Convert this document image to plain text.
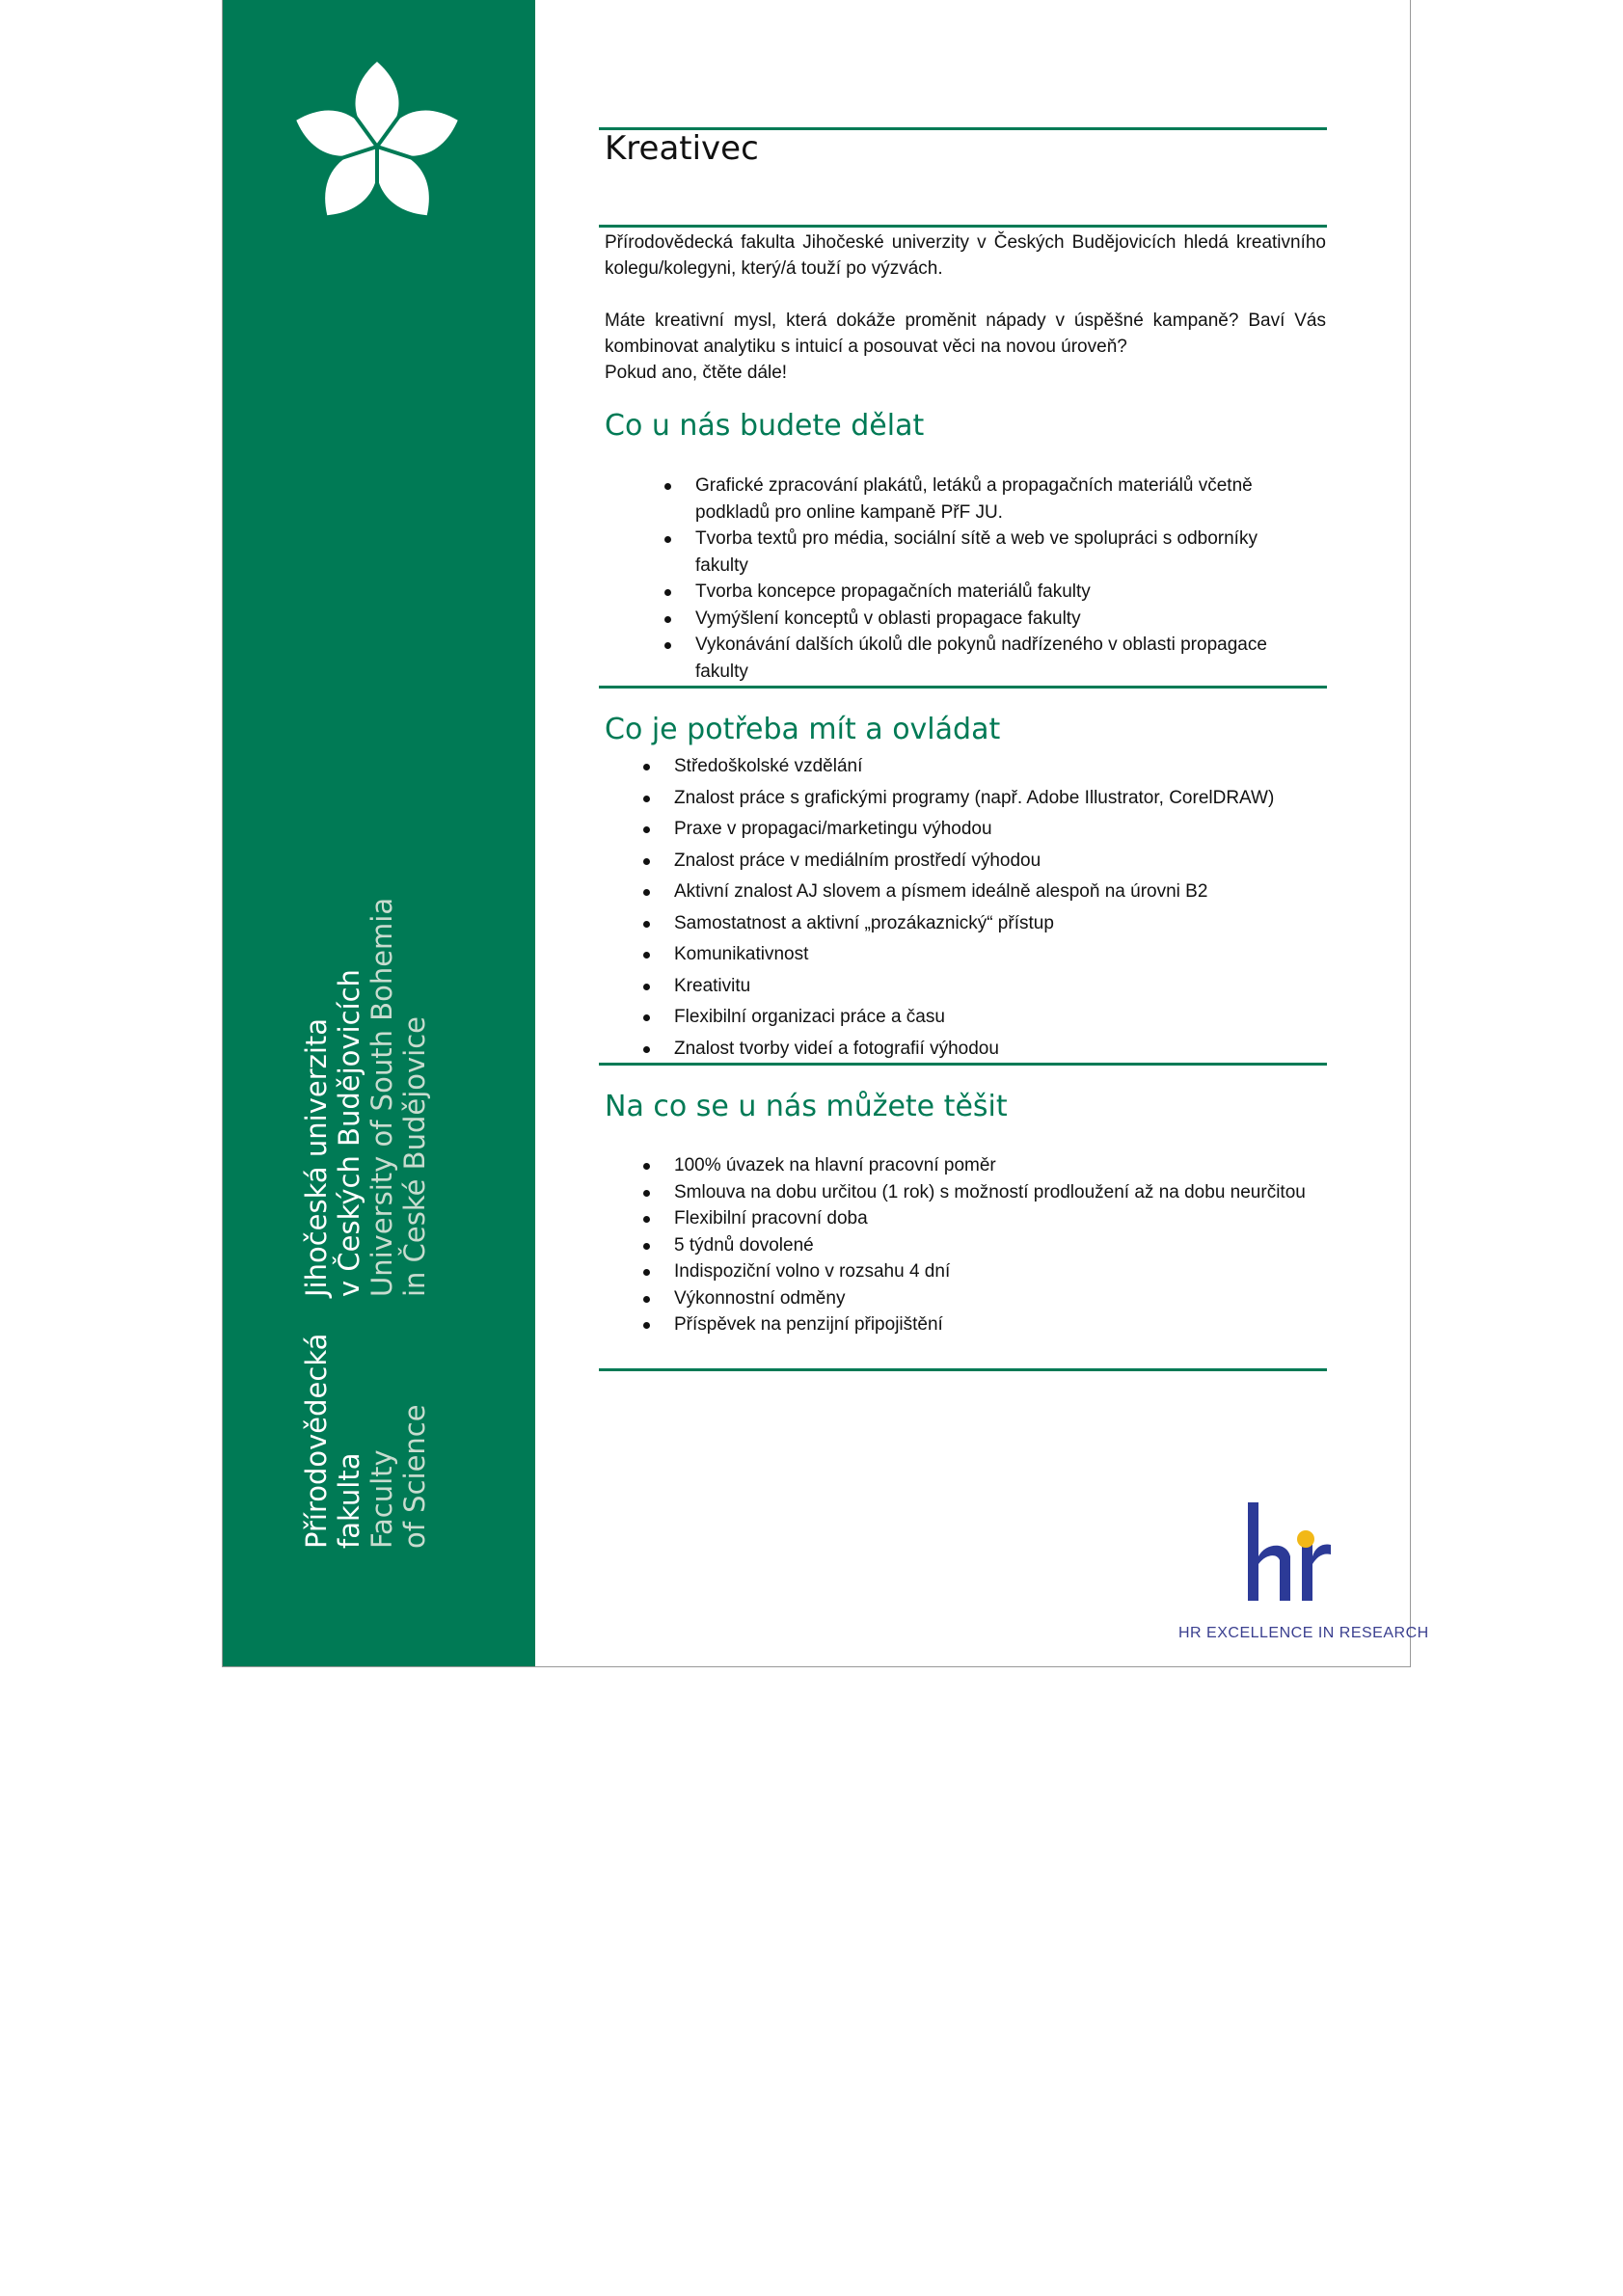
Přírodovědecká fakulta Faculty of Science
Jihočeská univerzita v Českých Budějovicích University of South Bohemia in České Budějovice
Kreativec

Přírodovědecká fakulta Jihočeské univerzity v Českých Budějovicích hledá kreativního kolegu/kolegyni, který/á touží po výzvách.

Máte kreativní mysl, která dokáže proměnit nápady v úspěšné kampaně? Baví Vás kombinovat analytiku s intuicí a posouvat věci na novou úroveň?

Pokud ano, čtěte dále!

Co u nás budete dělat
Grafické zpracování plakátů, letáků a propagačních materiálů včetně podkladů pro online kampaně PřF JU.
Tvorba textů pro média, sociální sítě a web ve spolupráci s odborníky fakulty
Tvorba koncepce propagačních materiálů fakulty
Vymýšlení konceptů v oblasti propagace fakulty
Vykonávání dalších úkolů dle pokynů nadřízeného v oblasti propagace fakulty
Co je potřeba mít a ovládat
Středoškolské vzdělání
Znalost práce s grafickými programy (např. Adobe Illustrator, CorelDRAW)
Praxe v propagaci/marketingu výhodou
Znalost práce v mediálním prostředí výhodou
Aktivní znalost AJ slovem a písmem ideálně alespoň na úrovni B2
Samostatnost a aktivní „prozákaznický“ přístup
Komunikativnost
Kreativitu
Flexibilní organizaci práce a času
Znalost tvorby videí a fotografií výhodou
Na co se u nás můžete těšit
100% úvazek na hlavní pracovní poměr
Smlouva na dobu určitou (1 rok) s možností prodloužení až na dobu neurčitou
Flexibilní pracovní doba
5 týdnů dovolené
Indispoziční volno v rozsahu 4 dní
Výkonnostní odměny
Příspěvek na penzijní připojištění
HR EXCELLENCE IN RESEARCH
